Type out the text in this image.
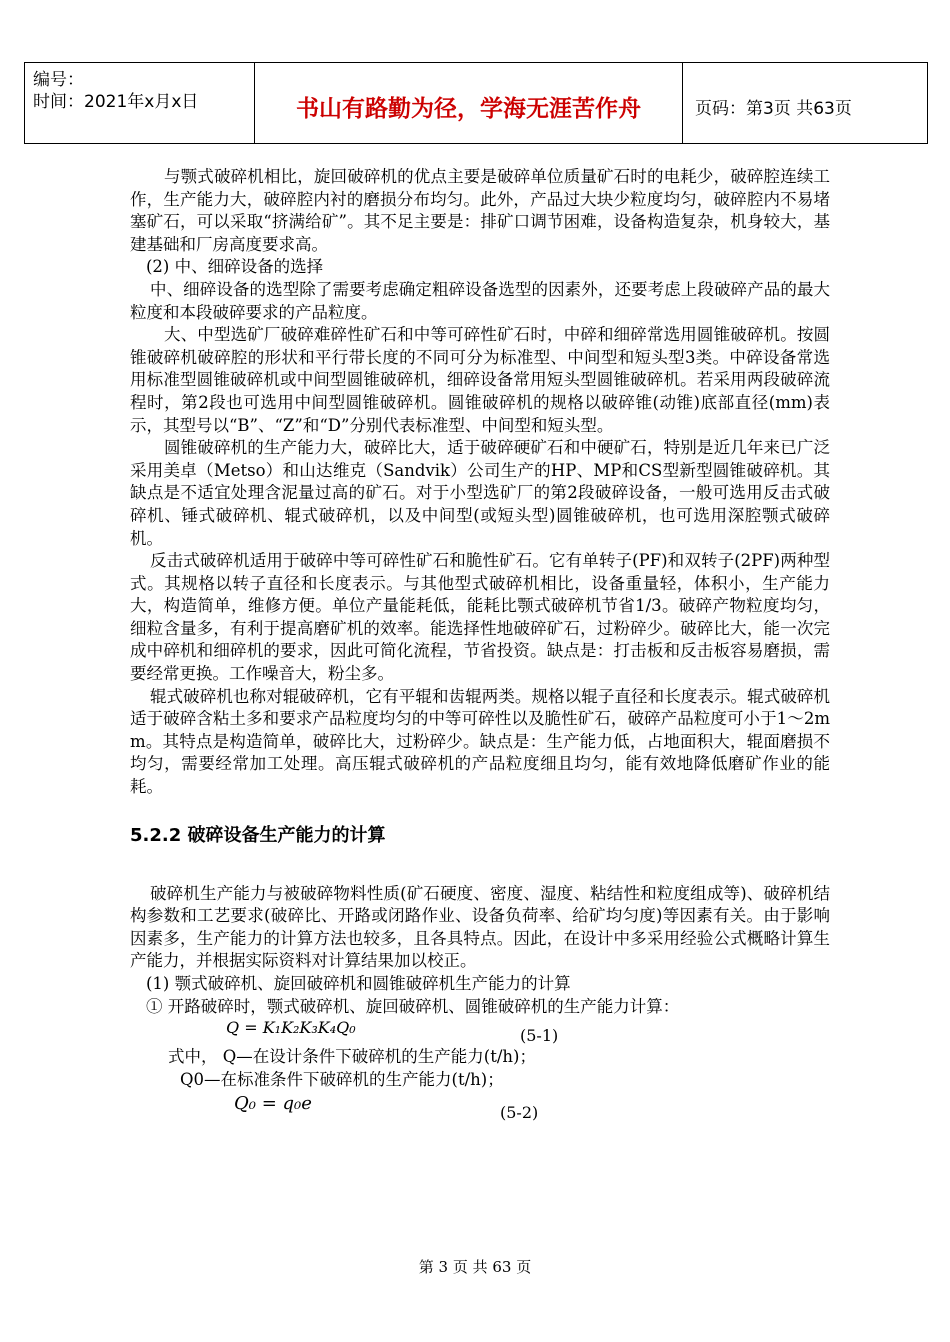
编号：
时间：2021年x月x日	书山有路勤为径，学海无涯苦作舟	页码：第3页 共63页

与颚式破碎机相比，旋回破碎机的优点主要是破碎单位质量矿石时的电耗少，破碎腔连续工作，生产能力大，破碎腔内衬的磨损分布均匀。此外，产品过大块少粒度均匀，破碎腔内不易堵塞矿石，可以采取“挤满给矿”。其不足主要是：排矿口调节困难，设备构造复杂，机身较大，基建基础和厂房高度要求高。

(2) 中、细碎设备的选择

中、细碎设备的选型除了需要考虑确定粗碎设备选型的因素外，还要考虑上段破碎产品的最大粒度和本段破碎要求的产品粒度。

大、中型选矿厂破碎难碎性矿石和中等可碎性矿石时，中碎和细碎常选用圆锥破碎机。按圆锥破碎机破碎腔的形状和平行带长度的不同可分为标准型、中间型和短头型3类。中碎设备常选用标准型圆锥破碎机或中间型圆锥破碎机，细碎设备常用短头型圆锥破碎机。若采用两段破碎流程时，第2段也可选用中间型圆锥破碎机。圆锥破碎机的规格以破碎锥(动锥)底部直径(mm)表示，其型号以“B”、“Z”和“D”分别代表标准型、中间型和短头型。

圆锥破碎机的生产能力大，破碎比大，适于破碎硬矿石和中硬矿石，特别是近几年来已广泛采用美卓（Metso）和山达维克（Sandvik）公司生产的HP、MP和CS型新型圆锥破碎机。其缺点是不适宜处理含泥量过高的矿石。对于小型选矿厂的第2段破碎设备，一般可选用反击式破碎机、锤式破碎机、辊式破碎机，以及中间型(或短头型)圆锥破碎机，也可选用深腔颚式破碎机。

反击式破碎机适用于破碎中等可碎性矿石和脆性矿石。它有单转子(PF)和双转子(2PF)两种型式。其规格以转子直径和长度表示。与其他型式破碎机相比，设备重量轻，体积小，生产能力大，构造简单，维修方便。单位产量能耗低，能耗比颚式破碎机节省1/3。破碎产物粒度均匀，细粒含量多，有利于提高磨矿机的效率。能选择性地破碎矿石，过粉碎少。破碎比大，能一次完成中碎机和细碎机的要求，因此可简化流程，节省投资。缺点是：打击板和反击板容易磨损，需要经常更换。工作噪音大，粉尘多。

辊式破碎机也称对辊破碎机，它有平辊和齿辊两类。规格以辊子直径和长度表示。辊式破碎机适于破碎含粘土多和要求产品粒度均匀的中等可碎性以及脆性矿石，破碎产品粒度可小于1～2mm。其特点是构造简单，破碎比大，过粉碎少。缺点是：生产能力低，占地面积大，辊面磨损不均匀，需要经常加工处理。高压辊式破碎机的产品粒度细且均匀，能有效地降低磨矿作业的能耗。

5.2.2 破碎设备生产能力的计算

破碎机生产能力与被破碎物料性质(矿石硬度、密度、湿度、粘结性和粒度组成等)、破碎机结构参数和工艺要求(破碎比、开路或闭路作业、设备负荷率、给矿均匀度)等因素有关。由于影响因素多，生产能力的计算方法也较多，且各具特点。因此，在设计中多采用经验公式概略计算生产能力，并根据实际资料对计算结果加以校正。

(1) 颚式破碎机、旋回破碎机和圆锥破碎机生产能力的计算

① 开路破碎时，颚式破碎机、旋回破碎机、圆锥破碎机的生产能力计算：

Q = K₁K₂K₃K₄Q₀	(5-1)

式中， Q—在设计条件下破碎机的生产能力(t/h)；

Q0—在标准条件下破碎机的生产能力(t/h)；

Q₀ = q₀e	(5-2)
第 3 页 共 63 页
